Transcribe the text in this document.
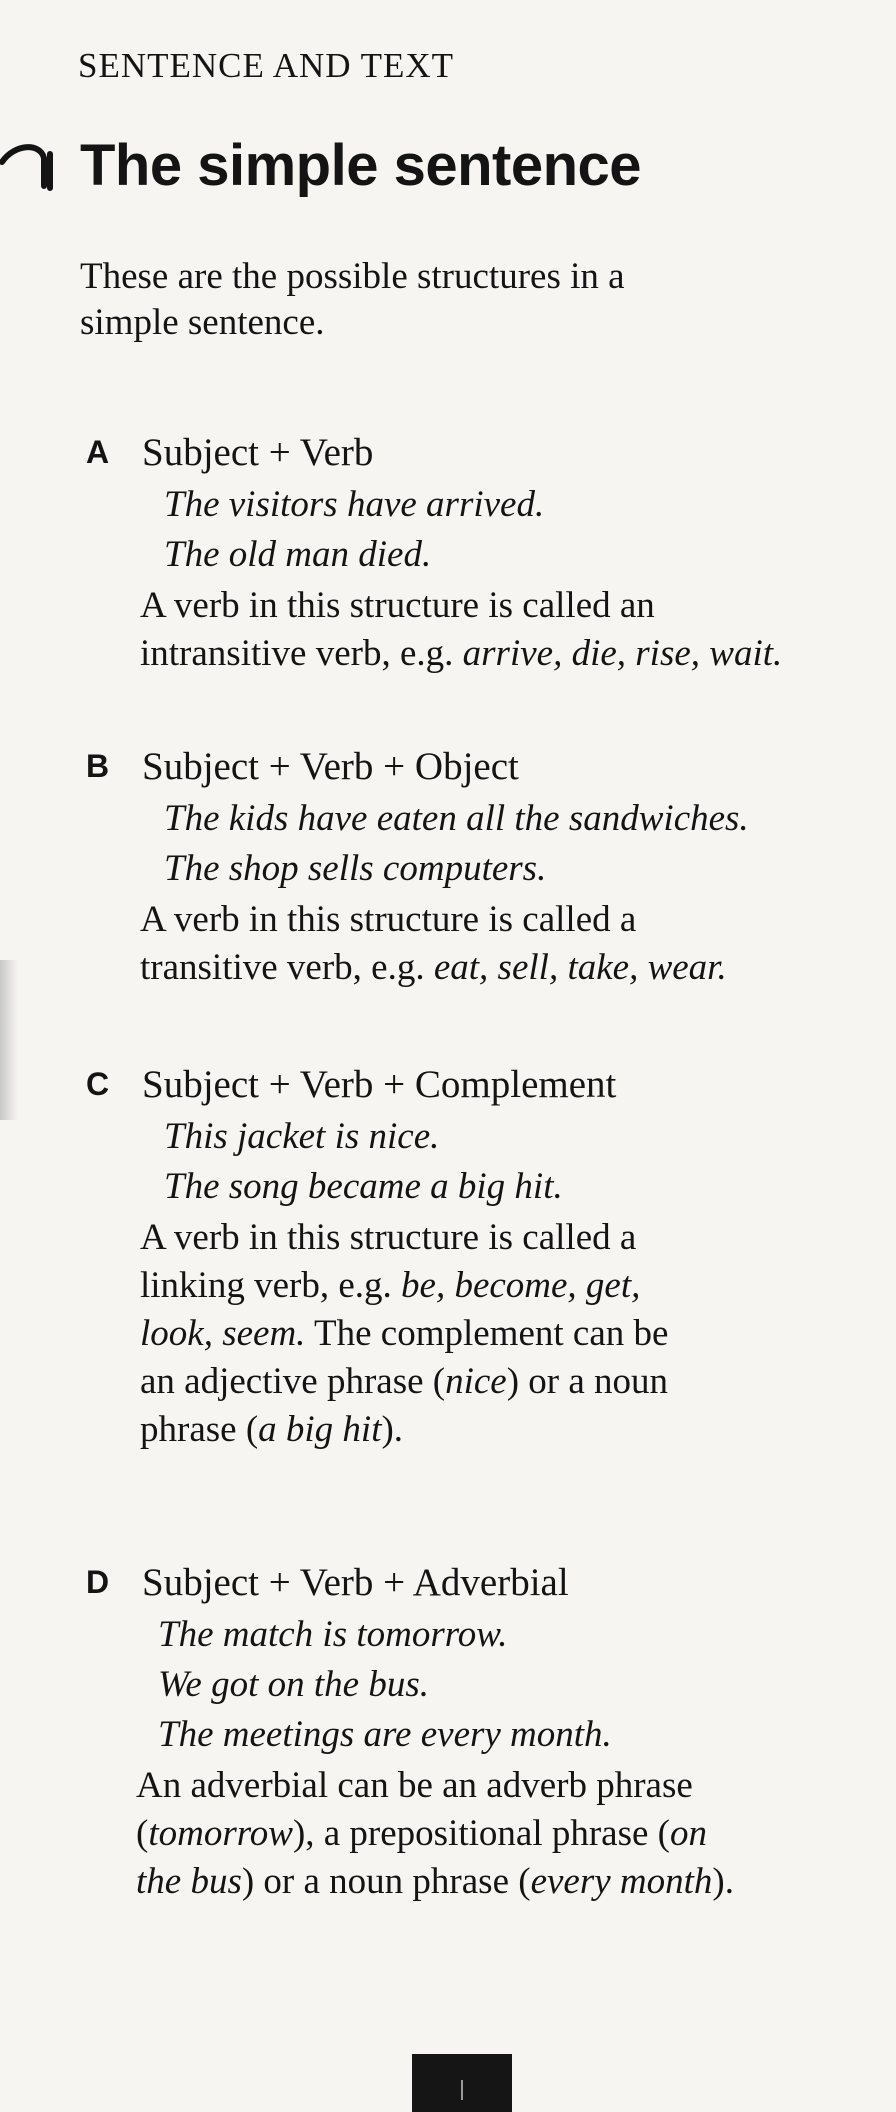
SENTENCE AND TEXT
The simple sentence
These are the possible structures in a
simple sentence.
A Subject + Verb
The visitors have arrived.
The old man died.
A verb in this structure is called an
intransitive verb, e.g. arrive, die, rise, wait.
B Subject + Verb + Object
The kids have eaten all the sandwiches.
The shop sells computers.
A verb in this structure is called a
transitive verb, e.g. eat, sell, take, wear.
C Subject + Verb + Complement
This jacket is nice.
The song became a big hit.
A verb in this structure is called a
linking verb, e.g. be, become, get,
look, seem. The complement can be
an adjective phrase (nice) or a noun
phrase (a big hit).
D Subject + Verb + Adverbial
The match is tomorrow.
We got on the bus.
The meetings are every month.
An adverbial can be an adverb phrase
(tomorrow), a prepositional phrase (on
the bus) or a noun phrase (every month).
